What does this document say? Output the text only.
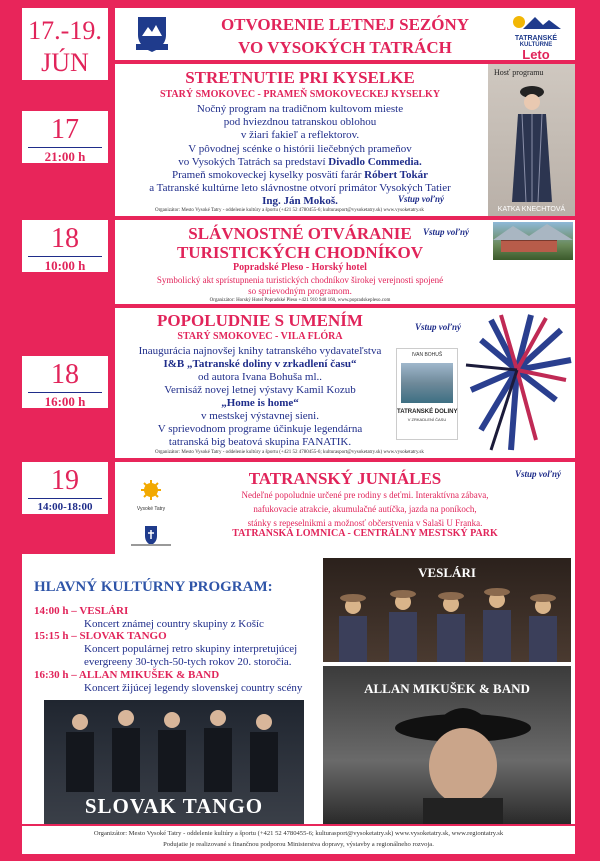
17.-19.
JÚN
OTVORENIE LETNEJ SEZÓNY
VO VYSOKÝCH TATRÁCH	TATRANSKÉ
KULTÚRNE
Leto
17
21:00 h
STRETNUTIE PRI KYSELKE
STARÝ SMOKOVEC - PRAMEŇ SMOKOVECKEJ KYSELKY
Nočný program na tradičnom kultovom mieste
pod hviezdnou tatranskou oblohou
v žiari fakieľ a reflektorov.
V pôvodnej scénke o histórii liečebných prameňov
vo Vysokých Tatrách sa predstaví Divadlo Commedia.
Prameň smokoveckej kyselky posvätí farár Róbert Tokár
a Tatranské kultúrne leto slávnostne otvorí primátor Vysokých Tatier
Ing. Ján Mokoš.	Vstup voľný
Organizátor: Mesto Vysoké Tatry - oddelenie kultúry a športu (+421 52 4780455-6; kulturasport@vysoketatry.sk) www.vysoketatry.sk
Hosť programu
KATKA KNECHTOVÁ
18
10:00 h
SLÁVNOSTNÉ OTVÁRANIE
TURISTICKÝCH CHODNÍKOV
Popradské Pleso - Horský hotel
Symbolický akt sprístupnenia turistických chodníkov širokej verejnosti spojené
so sprievodným programom.
Organizátor: Horský Hotel Popradské Pleso +421 910 948 160, www.popradskepleso.com
Vstup voľný
18
16:00 h
POPOLUDNIE S UMENÍM
STARÝ SMOKOVEC - VILA FLÓRA
Inaugurácia najnovšej knihy tatranského vydavateľstva
I&B „Tatranské doliny v zrkadlení času“
od autora Ivana Bohuša ml..
Vernisáž novej letnej výstavy Kamil Kozub
„Home is home“
v mestskej výstavnej sieni.
V sprievodnom programe účinkuje legendárna
tatranská big beatová skupina FANATIK.
Organizátor: Mesto Vysoké Tatry - oddelenie kultúry a športu (+421 52 4780455-6; kulturasport@vysoketatry.sk) www.vysoketatry.sk
Vstup voľný
IVAN BOHUŠ
TATRANSKÉ DOLINY
V ZRKADLENÍ ČASU
19
14:00-18:00	Vysoké Tatry
TATRANSKÝ JUNIÁLES	Vstup voľný
Nedeľné popoludnie určené pre rodiny s deťmi. Interaktívna zábava,
nafukovacie atrakcie, akumulačné autíčka, jazda na poníkoch,
stánky s repeselnikmi a možnosť občerstvenia v Salaši U Franka.
TATRANSKÁ LOMNICA - CENTRÁLNY MESTSKÝ PARK
HLAVNÝ KULTÚRNY PROGRAM:
14:00 h – VESLÁRI
Koncert známej country skupiny z Košíc
15:15 h – SLOVAK TANGO
Koncert populárnej retro skupiny interpretujúcej
evergreeny 30-tych-50-tych rokov 20. storočia.
16:30 h – ALLAN MIKUŠEK & BAND
Koncert žijúcej legendy slovenskej country scény
VESLÁRI
ALLAN MIKUŠEK & BAND
SLOVAK TANGO
Organizátor: Mesto Vysoké Tatry - oddelenie kultúry a športu (+421 52 4780455-6; kulturasport@vysoketatry.sk) www.vysoketatry.sk, www.regiontatry.sk
Podujatie je realizované s finančnou podporou Ministerstva dopravy, výstavby a regionálneho rozvoja.
